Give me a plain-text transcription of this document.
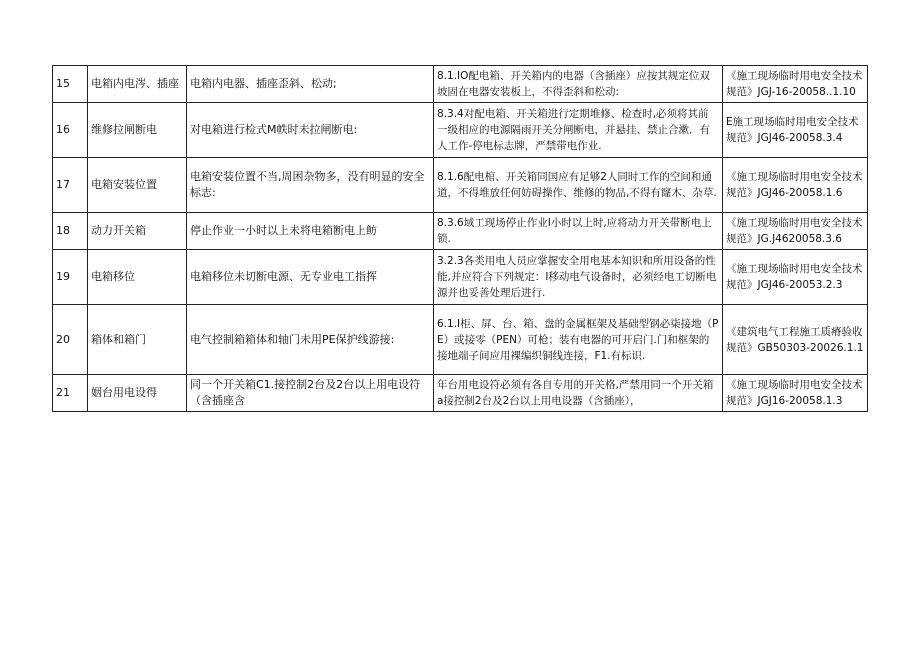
15	电箱内电涔、插座	电箱内电器、插座歪斜、松动;	8.1.IO配电箱、开关箱内的电器（含插座）应按其规定位双坡固在电器安装板上，不得歪斜和松动:	《施工现场临时用电安全技术规范》JGJ-16-20058..1.10
16	维修拉闸断电	对电箱进行检式M帙时未拉闸断电:	8.3.4对配电箱、开关箱进行定期堆修、检查时,必须将其前一级相应的电源隔雨开关分闸断电，并悬挂、禁止合漱．有人工作-停电标志牌，严禁带电作业.	E施工现场临时用电安全技术规范》JGJ46-20058.3.4
17	电箱安装位置	电箱安装位置不当,周困杂物多，没有明显的安全标志:	8.1.6配电棺、开关箱同国应有足够2人同时工作的空间和通道，不得堆放任何妨碍操作、维修的物品,不得有窿木、杂草.	《施工现场临时用电安全技术规范》JGJ46-20058.1.6
18	动力开关箱	停止作业一小时以上未将电箱断电上鲂	8.3.6域工现场停止作业I小时以上时,应将动力开关带断电上锁.	《施工现场临时用电安全技术规范》JG.J4620058.3.6
19	电箱移位	电箱移位未切断电源、无专业电工指挥	3.2.3各类用电人员应掌握安全用电基本知识和所用设备的性能,并应符合下列规定：I移动电气设备时，必须经电工切断电源并也妥善处理后进行.	《施工现场临时用电安全技术规范》JGJ46-20053.2.3
20	箱体和箱门	电气控制箱箱体和轴门未用PE保护线游接:	6.1.I柜、屏、台、箱、盘的金属框架及基础型钢必柒接地（PE）或接零（PEN）可枪；装有电器的可开启门.门和框架的接地端子间应用裸编织铜线连接，F1.有标识.	《建筑电气工程施工质瘠验收规范》GB50303-20026.1.1
21	姻台用电设得	同一个开关箱C1.接控制2台及2台以上用电设符（含插座含	年台用电设符必须有各自专用的开关格,严禁用同一个开关箱a接控制2台及2台以上用电设器（含插座），	《施工现场临时用电安全技术规范》JGJ16-20058.1.3
